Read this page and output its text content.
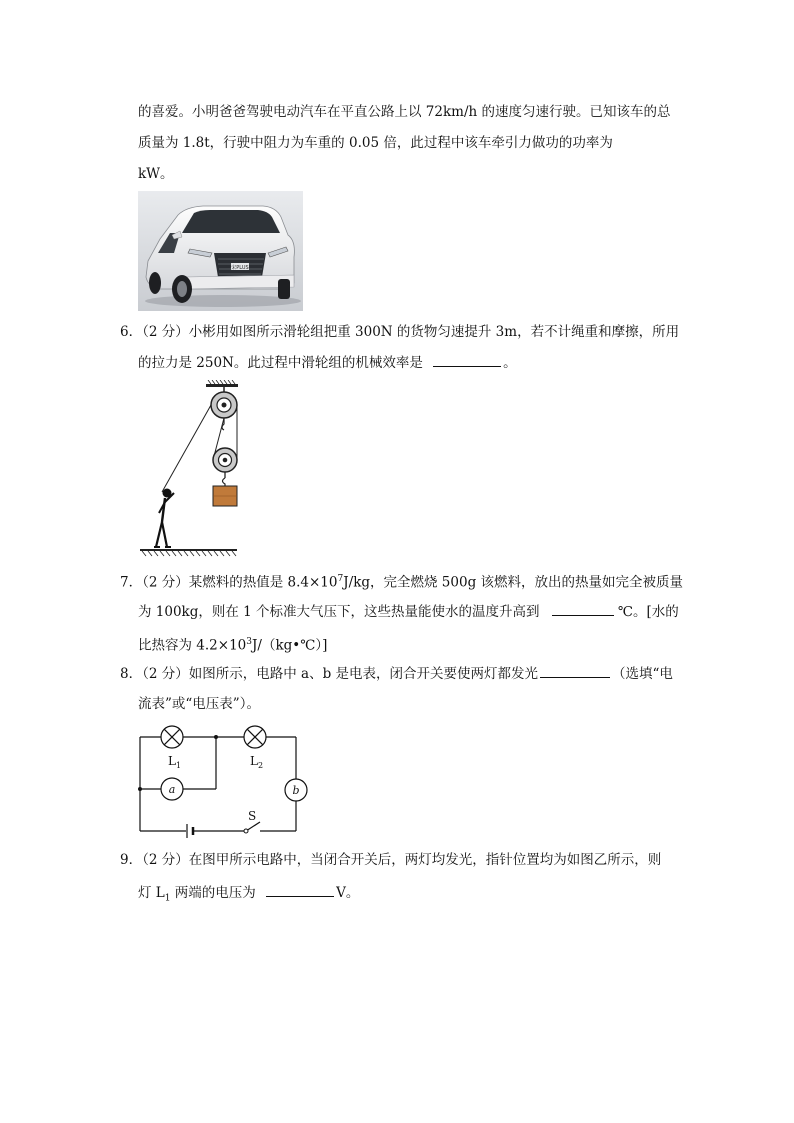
的喜爱。小明爸爸驾驶电动汽车在平直公路上以 72km/h 的速度匀速行驶。已知该车的总
质量为 1.8t，行驶中阻力为车重的 0.05 倍，此过程中该车牵引力做功的功率为
kW。
宋PLUS
6．（2 分）小彬用如图所示滑轮组把重 300N 的货物匀速提升 3m，若不计绳重和摩擦，所用
的拉力是 250N。此过程中滑轮组的机械效率是	。
7．（2 分）某燃料的热值是 $8.4\times 10^7J/kg$，完全燃烧 500g 该燃料，放出的热量如完全被质量
为 100kg，则在 1 个标准大气压下，这些热量能使水的温度升高到	℃。[水的
比热容为 $4.2\times 10^3J/(kg•℃)$]
8．（2 分）如图所示，电路中 a、b 是电表，闭合开关要使两灯都发光	（选填“电
流表”或“电压表”）。
$L_1$	$L_2$
a	b
S
9．（2 分）在图甲所示电路中，当闭合开关后，两灯均发光，指针位置均为如图乙所示，则
灯 $L_1$ 两端的电压为	V。
